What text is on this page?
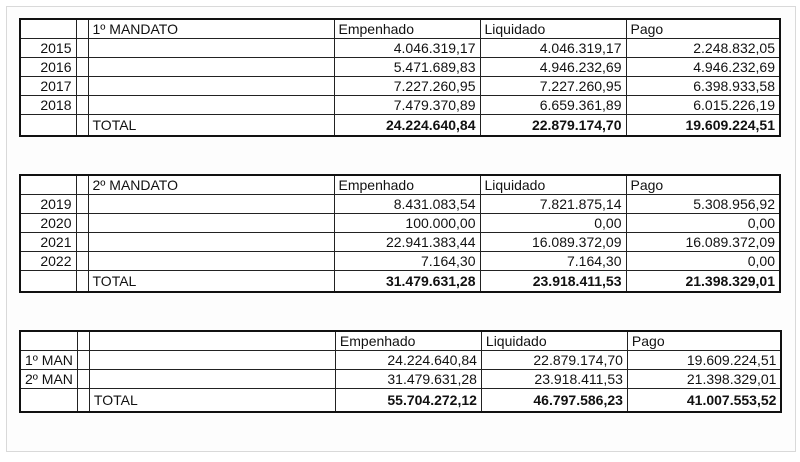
		1º MANDATO	Empenhado	Liquidado	Pago
2015			4.046.319,17	4.046.319,17	2.248.832,05
2016			5.471.689,83	4.946.232,69	4.946.232,69
2017			7.227.260,95	7.227.260,95	6.398.933,58
2018			7.479.370,89	6.659.361,89	6.015.226,19
		TOTAL	24.224.640,84	22.879.174,70	19.609.224,51
		2º MANDATO	Empenhado	Liquidado	Pago
2019			8.431.083,54	7.821.875,14	5.308.956,92
2020			100.000,00	0,00	0,00
2021			22.941.383,44	16.089.372,09	16.089.372,09
2022			7.164,30	7.164,30	0,00
		TOTAL	31.479.631,28	23.918.411,53	21.398.329,01
			Empenhado	Liquidado	Pago
1º MAN			24.224.640,84	22.879.174,70	19.609.224,51
2º MAN			31.479.631,28	23.918.411,53	21.398.329,01
		TOTAL	55.704.272,12	46.797.586,23	41.007.553,52
